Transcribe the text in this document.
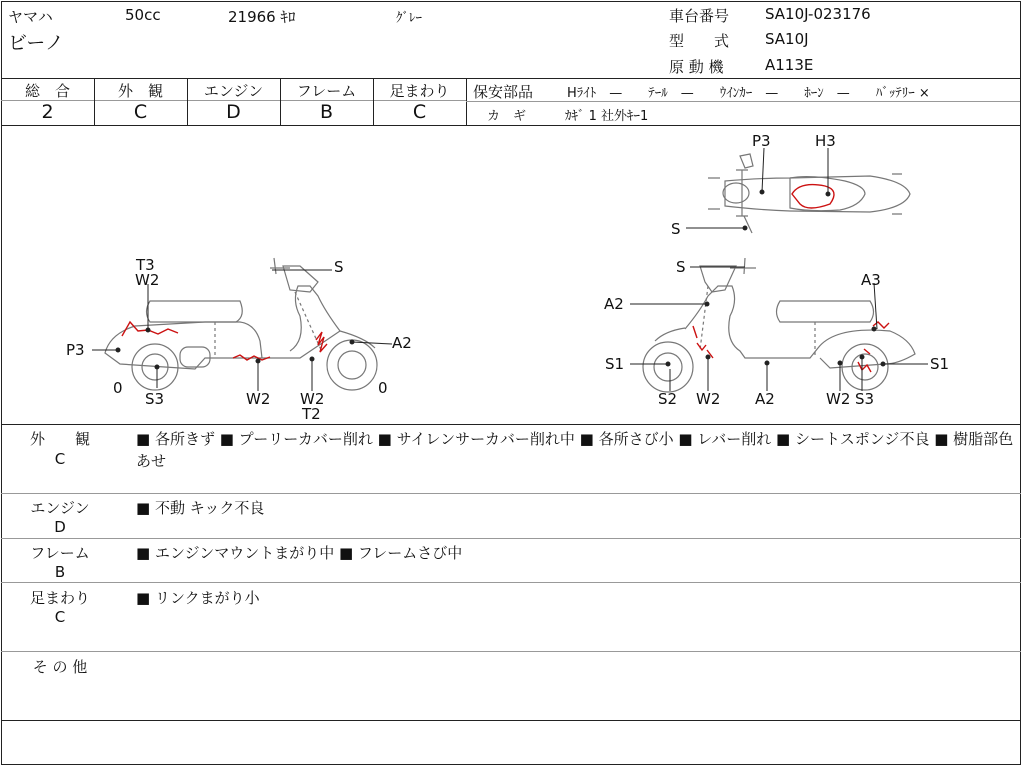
ヤマハ	50cc	21966 ｷﾛ	ｸﾞﾚｰ
ビーノ
車台番号 SA10J-023176
型　　式 SA10J
原 動 機	A113E
総　合
2
外　観
C
エンジン
D
フレーム
B
足まわり
C
保安部品	Hﾗｲﾄ　—　　ﾃｰﾙ　—　　ｳｲﾝｶｰ　—　　ﾎｰﾝ　—　　ﾊﾞｯﾃﾘｰ ×
カ　ギ	ｶｷﾞ 1 社外ｷｰ1
T3
W2
S
P3	A2
0
S3	W2 W2
T2
0
S
A3
A2
S1	S1
S2 W2 A2	W2 S3
P3	H3
S
外　　観
C
■ 各所きず ■ プーリーカバー削れ ■ サイレンサーカバー削れ中 ■ 各所さび小 ■ レバー削れ ■ シートスポンジ不良 ■ 樹脂部色あせ
エンジン
D
■ 不動 キック不良
フレーム
B
■ エンジンマウントまがり中 ■ フレームさび中
足まわり
C
■ リンクまがり小
そ の 他
